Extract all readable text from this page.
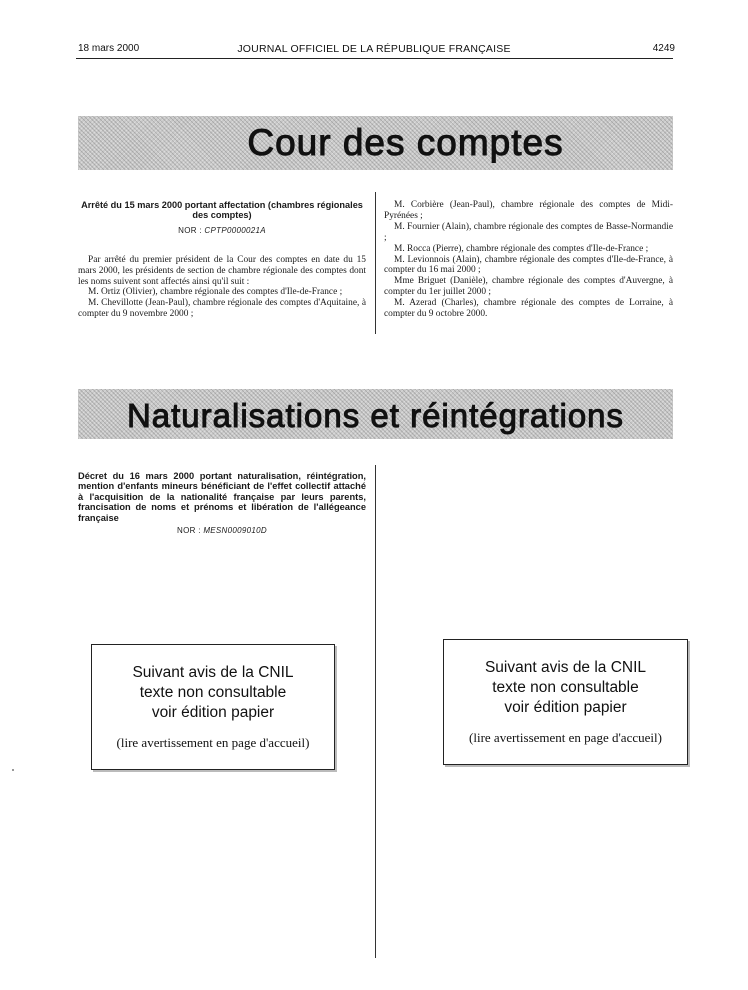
18 mars 2000	JOURNAL OFFICIEL DE LA RÉPUBLIQUE FRANÇAISE	4249
Cour des comptes
Arrêté du 15 mars 2000 portant affectation (chambres régionales des comptes)
NOR : CPTP0000021A

Par arrêté du premier président de la Cour des comptes en date du 15 mars 2000, les présidents de section de chambre régionale des comptes dont les noms suivent sont affectés ainsi qu'il suit :

M. Ortiz (Olivier), chambre régionale des comptes d'Ile-de-France ;

M. Chevillotte (Jean-Paul), chambre régionale des comptes d'Aquitaine, à compter du 9 novembre 2000 ;

M. Corbière (Jean-Paul), chambre régionale des comptes de Midi-Pyrénées ;

M. Fournier (Alain), chambre régionale des comptes de Basse-Normandie ;

M. Rocca (Pierre), chambre régionale des comptes d'Ile-de-France ;

M. Levionnois (Alain), chambre régionale des comptes d'Ile-de-France, à compter du 16 mai 2000 ;

Mme Briguet (Danièle), chambre régionale des comptes d'Auvergne, à compter du 1er juillet 2000 ;

M. Azerad (Charles), chambre régionale des comptes de Lorraine, à compter du 9 octobre 2000.

Naturalisations et réintégrations
Décret du 16 mars 2000 portant naturalisation, réintégration, mention d'enfants mineurs bénéficiant de l'effet collectif attaché à l'acquisition de la nationalité française par leurs parents, francisation de noms et prénoms et libération de l'allégeance française
NOR : MESN0009010D
Suivant avis de la CNIL
texte non consultable
voir édition papier
(lire avertissement en page d'accueil)
Suivant avis de la CNIL
texte non consultable
voir édition papier
(lire avertissement en page d'accueil)
